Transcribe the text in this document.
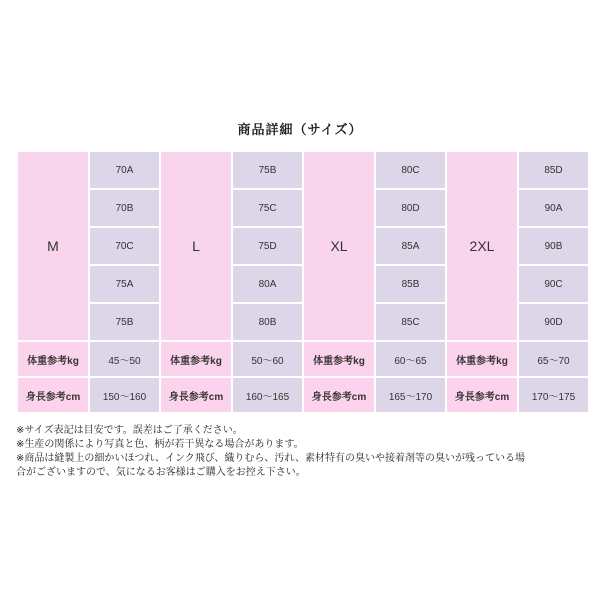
商品詳細（サイズ）
M	70A	L	75B	XL	80C	2XL	85D
	70B		75C		80D		90A
	70C		75D		85A		90B
	75A		80A		85B		90C
	75B		80B		85C		90D
体重参考kg	45〜50	体重参考kg	50〜60	体重参考kg	60〜65	体重参考kg	65〜70
身長参考cm	150〜160	身長参考cm	160〜165	身長参考cm	165〜170	身長参考cm	170〜175
※サイズ表記は目安です。誤差はご了承ください。
※生産の関係により写真と色、柄が若干異なる場合があります。
※商品は縫製上の細かいほつれ、インク飛び、織りむら、汚れ、素材特有の臭いや接着剤等の臭いが残っている場
合がございますので、気になるお客様はご購入をお控え下さい。
